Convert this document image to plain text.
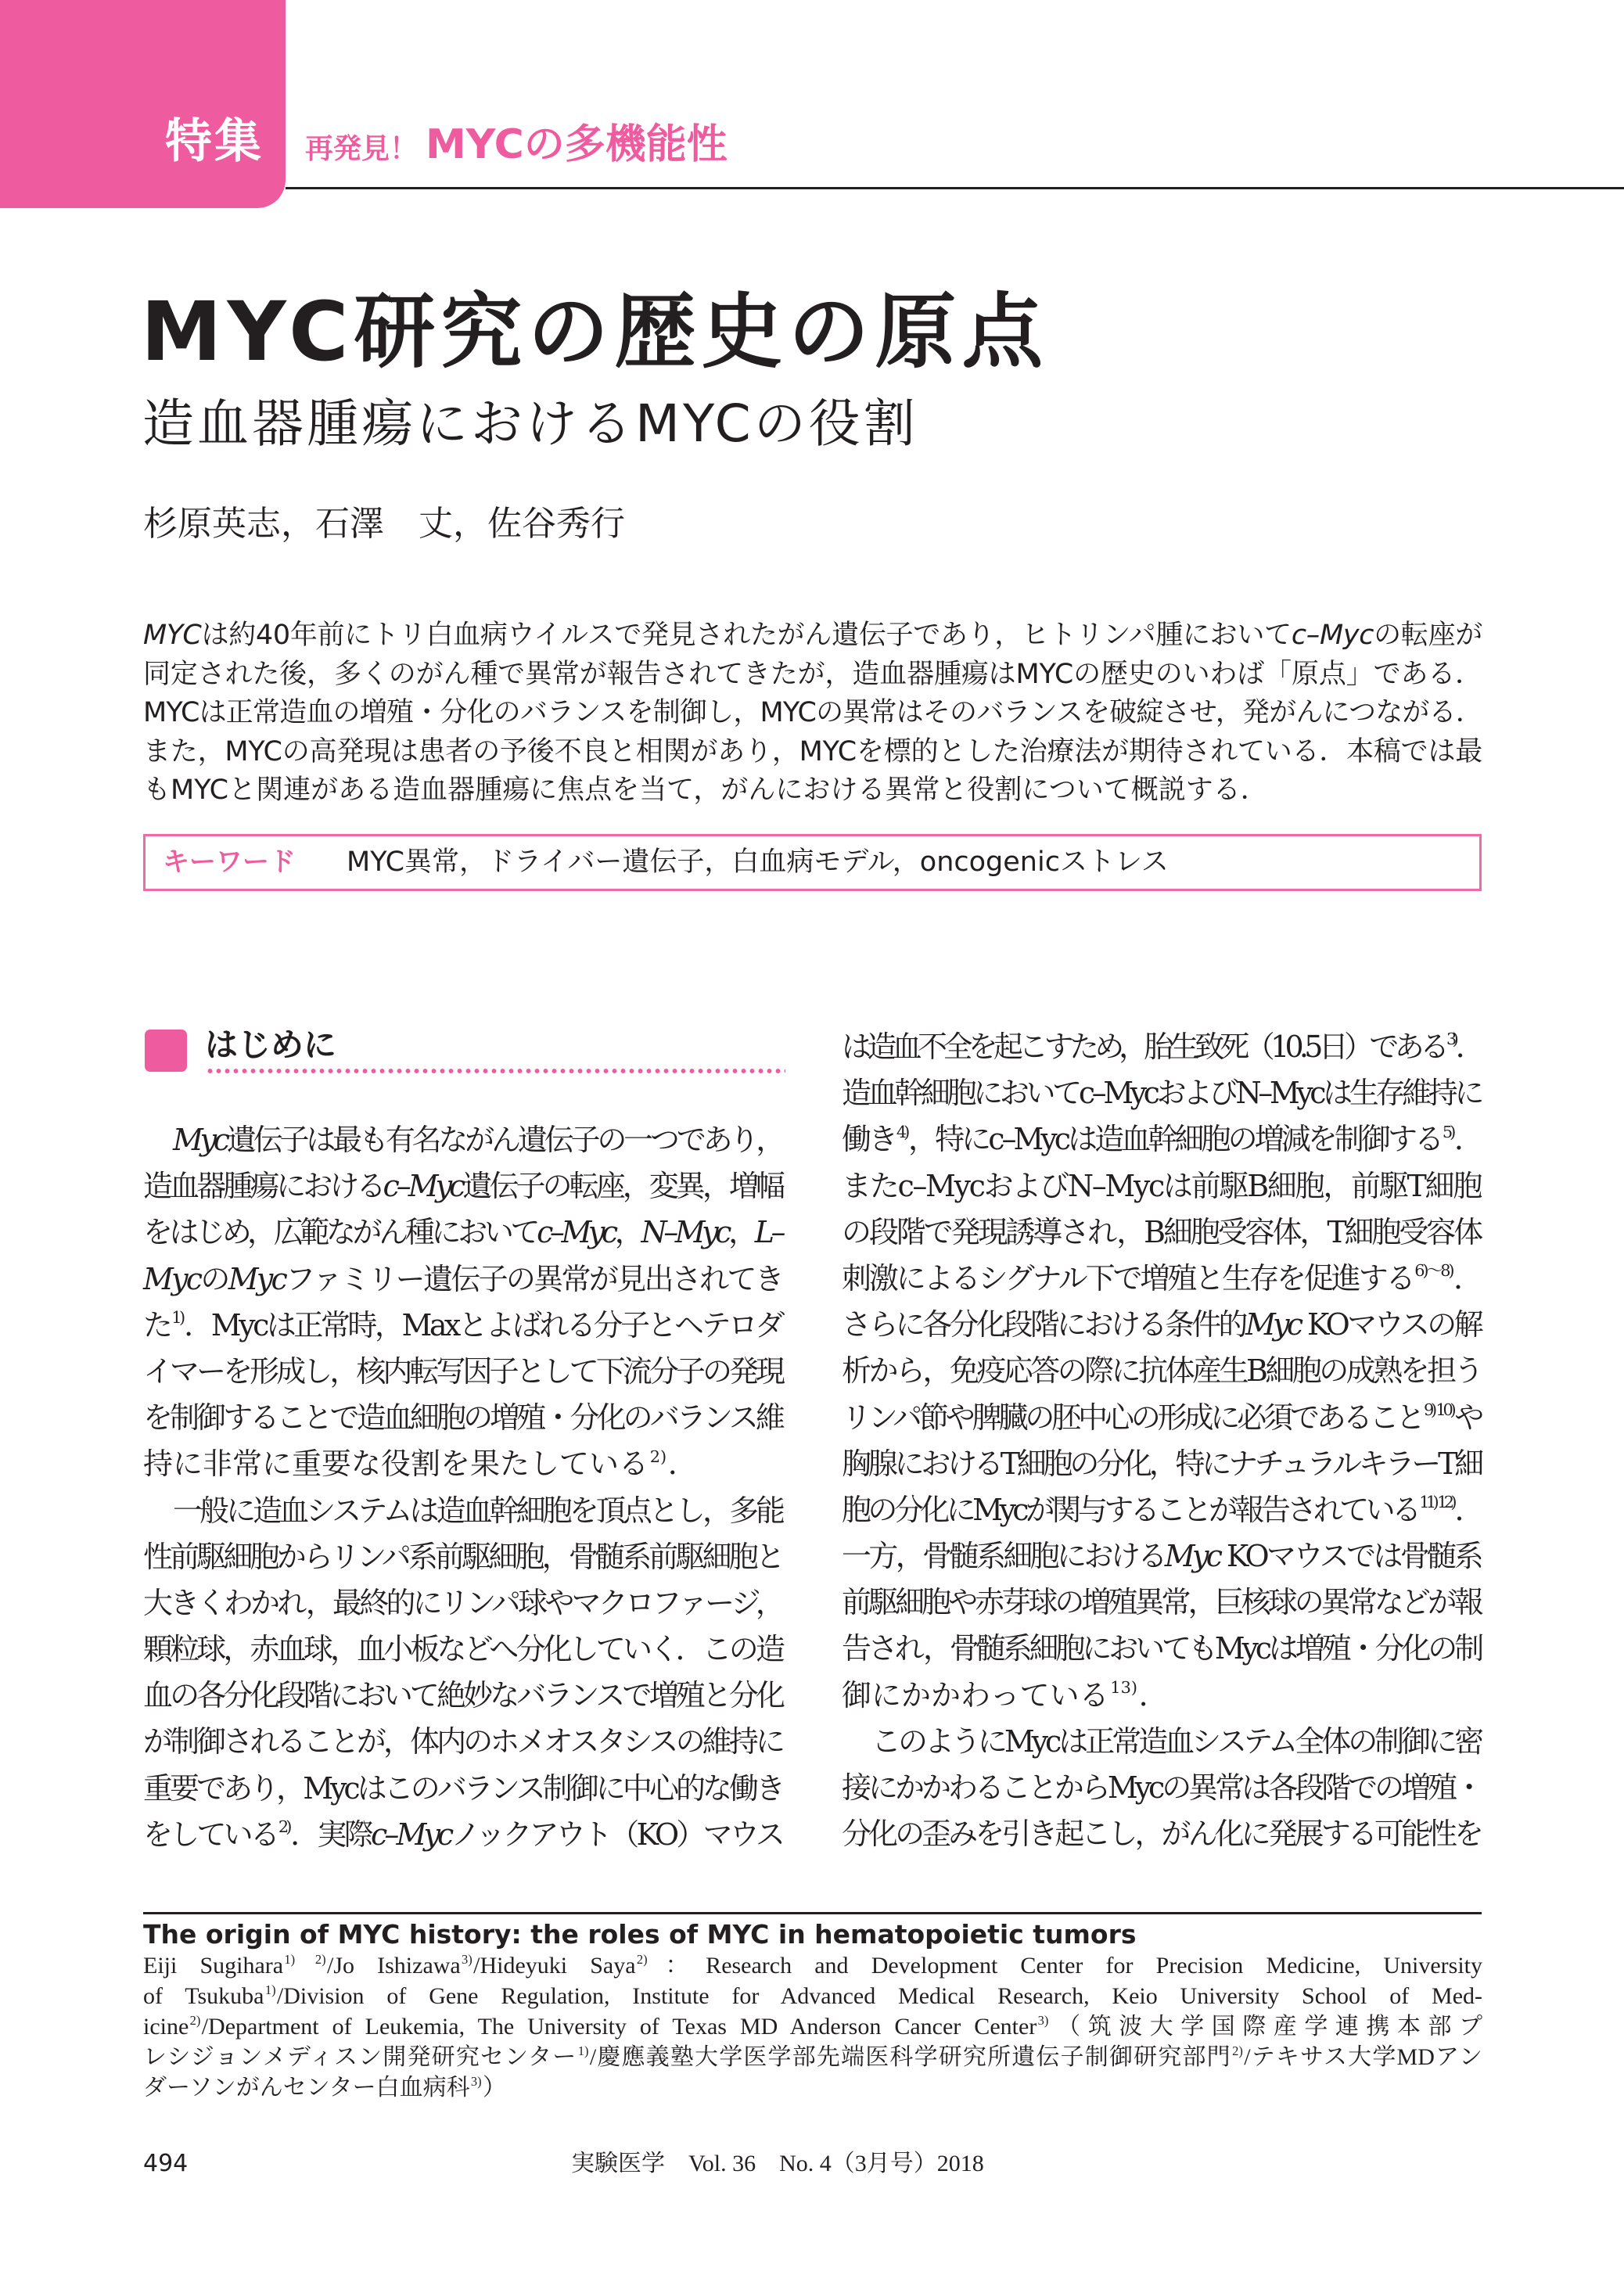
特集 再発見！ MYCの多機能性
MYC研究の歴史の原点
造血器腫瘍におけるMYCの役割
杉原英志，石澤　丈，佐谷秀行
MYCは約40年前にトリ白血病ウイルスで発見されたがん遺伝子であり，ヒトリンパ腫においてc–Mycの転座が
同定された後，多くのがん種で異常が報告されてきたが，造血器腫瘍はMYCの歴史のいわば「原点」である．
MYCは正常造血の増殖・分化のバランスを制御し，MYCの異常はそのバランスを破綻させ，発がんにつながる．
また，MYCの高発現は患者の予後不良と相関があり，MYCを標的とした治療法が期待されている．本稿では最
もMYCと関連がある造血器腫瘍に焦点を当て，がんにおける異常と役割について概説する．
キーワード MYC異常，ドライバー遺伝子，白血病モデル，oncogenicストレス
はじめに
Myc遺伝子は最も有名ながん遺伝子の一つであり，
造血器腫瘍におけるc–Myc遺伝子の転座，変異，増幅
をはじめ，広範ながん種においてc–Myc，N–Myc，L–
MycのMycファミリー遺伝子の異常が見出されてき
た$^{1)}$．Mycは正常時，Maxとよばれる分子とヘテロダ
イマーを形成し，核内転写因子として下流分子の発現
を制御することで造血細胞の増殖・分化のバランス維
持に非常に重要な役割を果たしている$^{2)}$．
一般に造血システムは造血幹細胞を頂点とし，多能
性前駆細胞からリンパ系前駆細胞，骨髄系前駆細胞と
大きくわかれ，最終的にリンパ球やマクロファージ，
顆粒球，赤血球，血小板などへ分化していく．この造
血の各分化段階において絶妙なバランスで増殖と分化
が制御されることが，体内のホメオスタシスの維持に
重要であり，Mycはこのバランス制御に中心的な働き
をしている$^{2)}$．実際c–Mycノックアウト（KO）マウス
は造血不全を起こすため，胎生致死（10.5日）である$^{3)}$．
造血幹細胞においてc–MycおよびN–Mycは生存維持に
働き$^{4)}$，特にc–Mycは造血幹細胞の増減を制御する$^{5)}$．
またc–MycおよびN–Mycは前駆B細胞，前駆T細胞
の段階で発現誘導され，B細胞受容体，T細胞受容体
刺激によるシグナル下で増殖と生存を促進する$^{6)\sim 8)}$．
さらに各分化段階における条件的Myc KOマウスの解
析から，免疫応答の際に抗体産生B細胞の成熟を担う
リンパ節や脾臓の胚中心の形成に必須であること$^{9) 10)}$や
胸腺におけるT細胞の分化，特にナチュラルキラーT細
胞の分化にMycが関与することが報告されている$^{11) 12)}$．
一方，骨髄系細胞におけるMyc KOマウスでは骨髄系
前駆細胞や赤芽球の増殖異常，巨核球の異常などが報
告され，骨髄系細胞においてもMycは増殖・分化の制
御にかかわっている$^{13)}$．
このようにMycは正常造血システム全体の制御に密
接にかかわることからMycの異常は各段階での増殖・
分化の歪みを引き起こし，がん化に発展する可能性を
The origin of MYC history: the roles of MYC in hematopoietic tumors
Eiji Sugihara$^{1) 2)}$/Jo Ishizawa$^{3)}$/Hideyuki Saya$^{2)}$：Research and Development Center for Precision Medicine, University
of Tsukuba$^{1)}$/Division of Gene Regulation, Institute for Advanced Medical Research, Keio University School of Med-
icine$^{2)}$/Department of Leukemia, The University of Texas MD Anderson Cancer Center$^{3)}$（筑波大学国際産学連携本部プ
レシジョンメディスン開発研究センター$^{1)}$/慶應義塾大学医学部先端医科学研究所遺伝子制御研究部門$^{2)}$/テキサス大学MDアン
ダーソンがんセンター白血病科$^{3)}$）
494	実験医学　Vol. 36　No. 4（3月号）2018
